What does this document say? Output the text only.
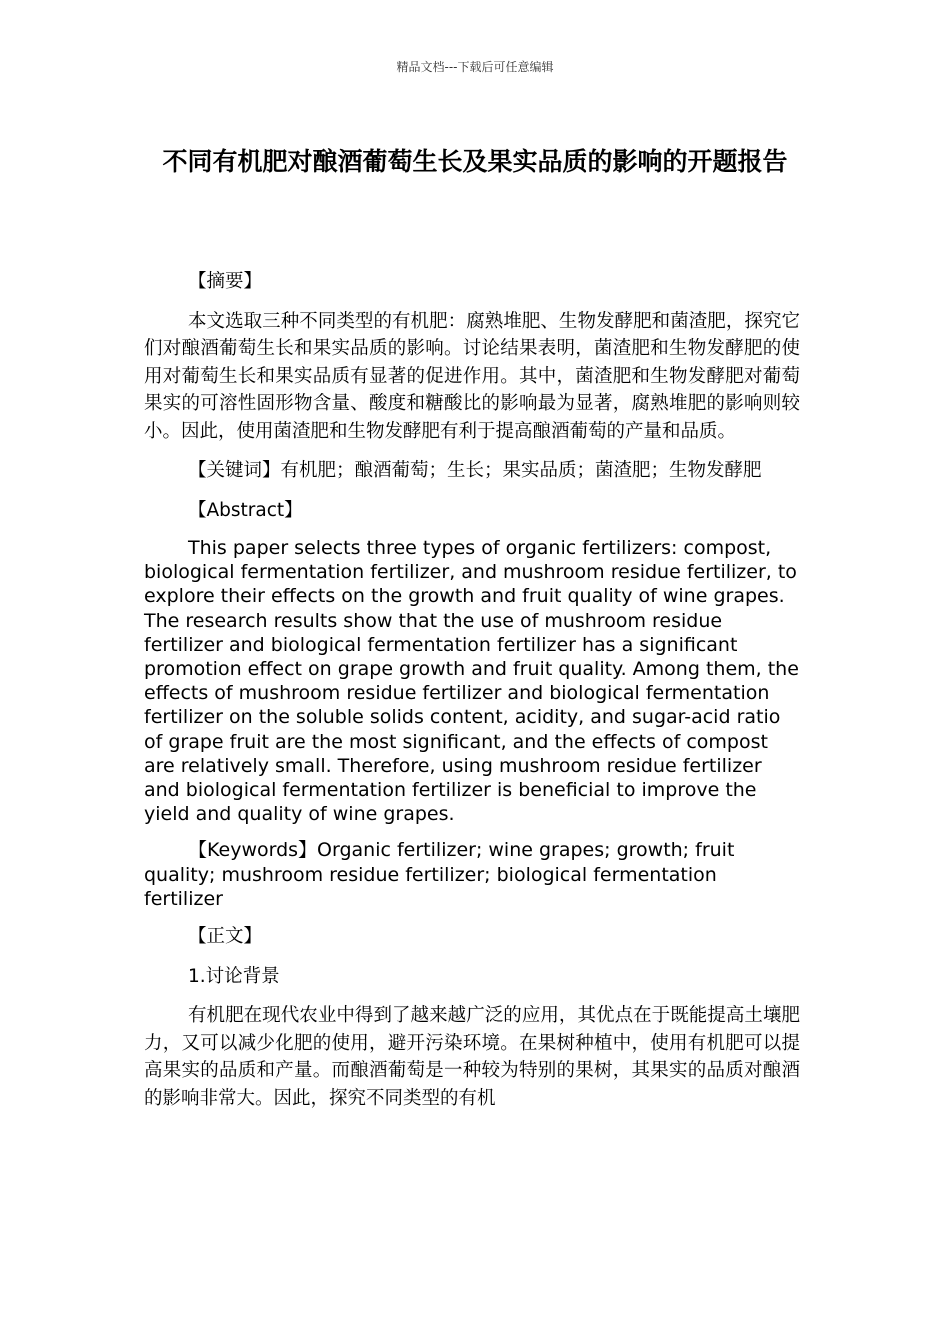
精品文档---下载后可任意编辑
不同有机肥对酿酒葡萄生长及果实品质的影响的开题报告
【摘要】
本文选取三种不同类型的有机肥：腐熟堆肥、生物发酵肥和菌渣肥，探究它们对酿酒葡萄生长和果实品质的影响。讨论结果表明，菌渣肥和生物发酵肥的使用对葡萄生长和果实品质有显著的促进作用。其中，菌渣肥和生物发酵肥对葡萄果实的可溶性固形物含量、酸度和糖酸比的影响最为显著，腐熟堆肥的影响则较小。因此，使用菌渣肥和生物发酵肥有利于提高酿酒葡萄的产量和品质。
【关键词】有机肥；酿酒葡萄；生长；果实品质；菌渣肥；生物发酵肥
【Abstract】
This paper selects three types of organic fertilizers: compost, biological fermentation fertilizer, and mushroom residue fertilizer, to explore their effects on the growth and fruit quality of wine grapes. The research results show that the use of mushroom residue fertilizer and biological fermentation fertilizer has a significant promotion effect on grape growth and fruit quality. Among them, the effects of mushroom residue fertilizer and biological fermentation fertilizer on the soluble solids content, acidity, and sugar-acid ratio of grape fruit are the most significant, and the effects of compost are relatively small. Therefore, using mushroom residue fertilizer and biological fermentation fertilizer is beneficial to improve the yield and quality of wine grapes.
【Keywords】Organic fertilizer; wine grapes; growth; fruit quality; mushroom residue fertilizer; biological fermentation fertilizer
【正文】
1.讨论背景
有机肥在现代农业中得到了越来越广泛的应用，其优点在于既能提高土壤肥力，又可以减少化肥的使用，避开污染环境。在果树种植中，使用有机肥可以提高果实的品质和产量。而酿酒葡萄是一种较为特别的果树，其果实的品质对酿酒的影响非常大。因此，探究不同类型的有机
